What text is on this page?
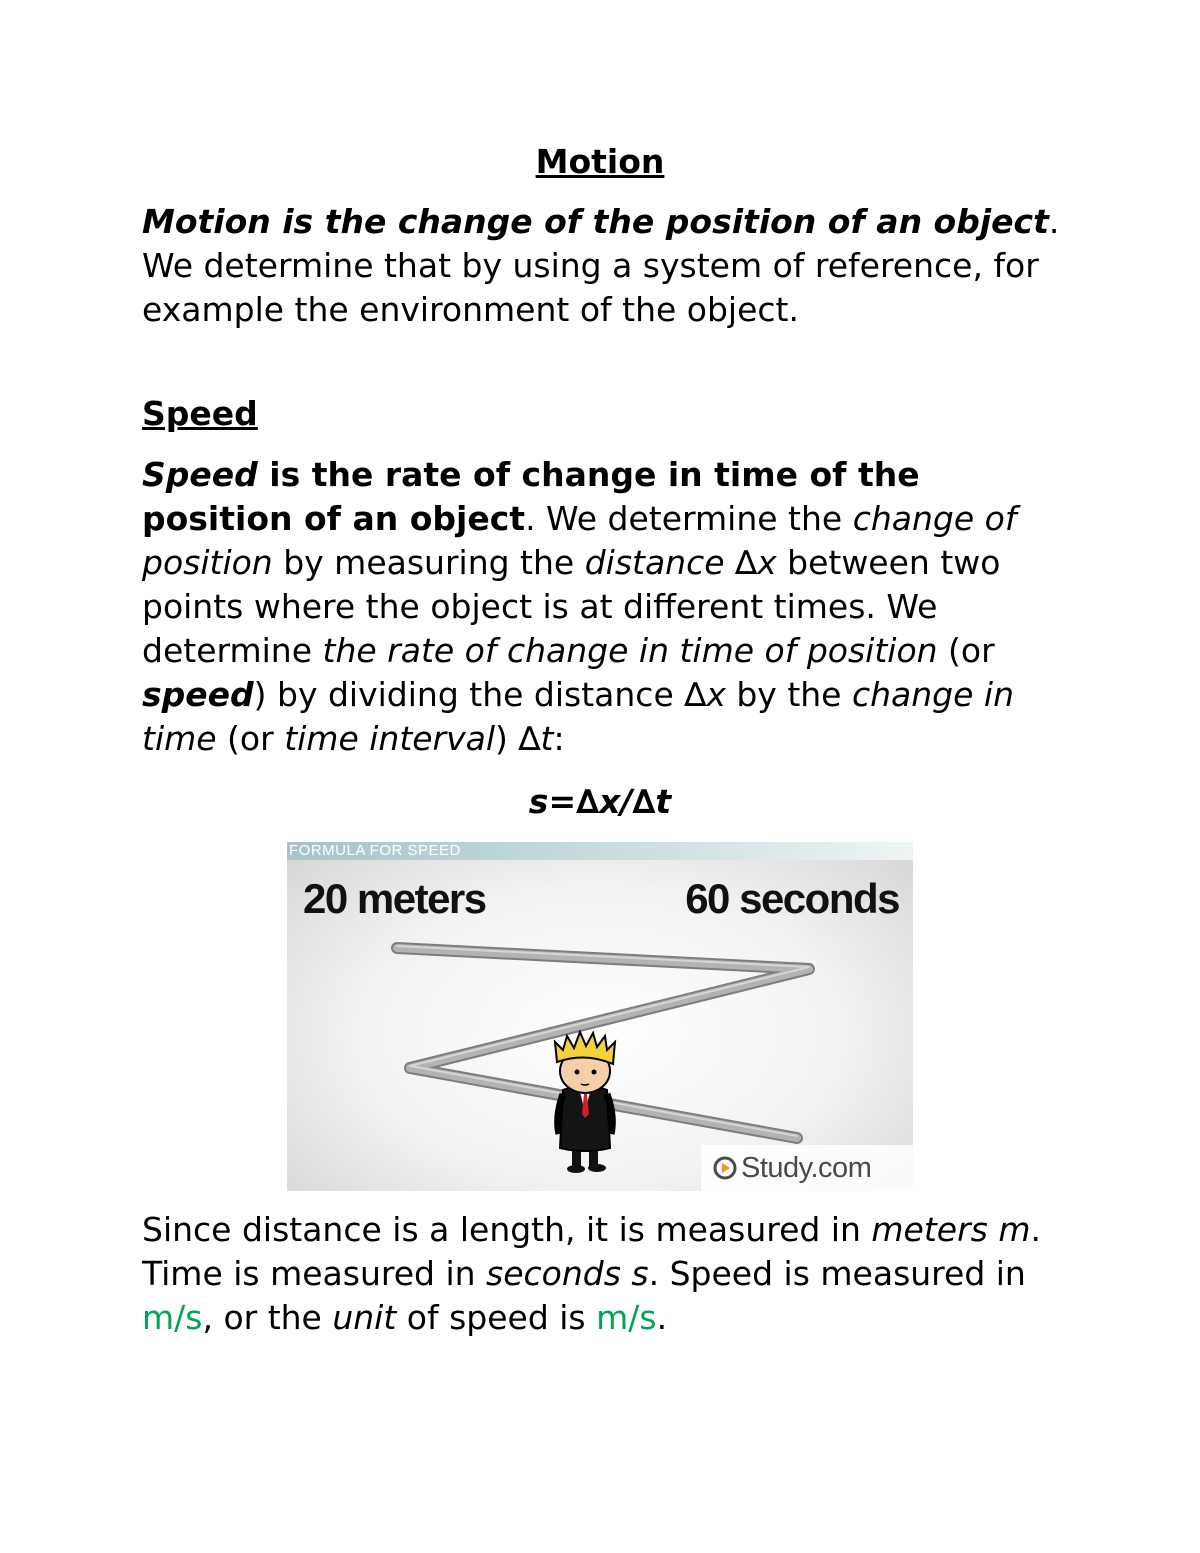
Motion

Motion is the change of the position of an object. We determine that by using a system of reference, for example the environment of the object.

Speed

Speed is the rate of change in time of the position of an object. We determine the change of position by measuring the distance ∆x between two points where the object is at different times. We determine the rate of change in time of position (or speed) by dividing the distance ∆x by the change in time (or time interval) ∆t:

s=∆x/∆t

FORMULA FOR SPEED
20 meters	60 seconds
Study.com

Since distance is a length, it is measured in meters m. Time is measured in seconds s. Speed is measured in m/s, or the unit of speed is m/s.
